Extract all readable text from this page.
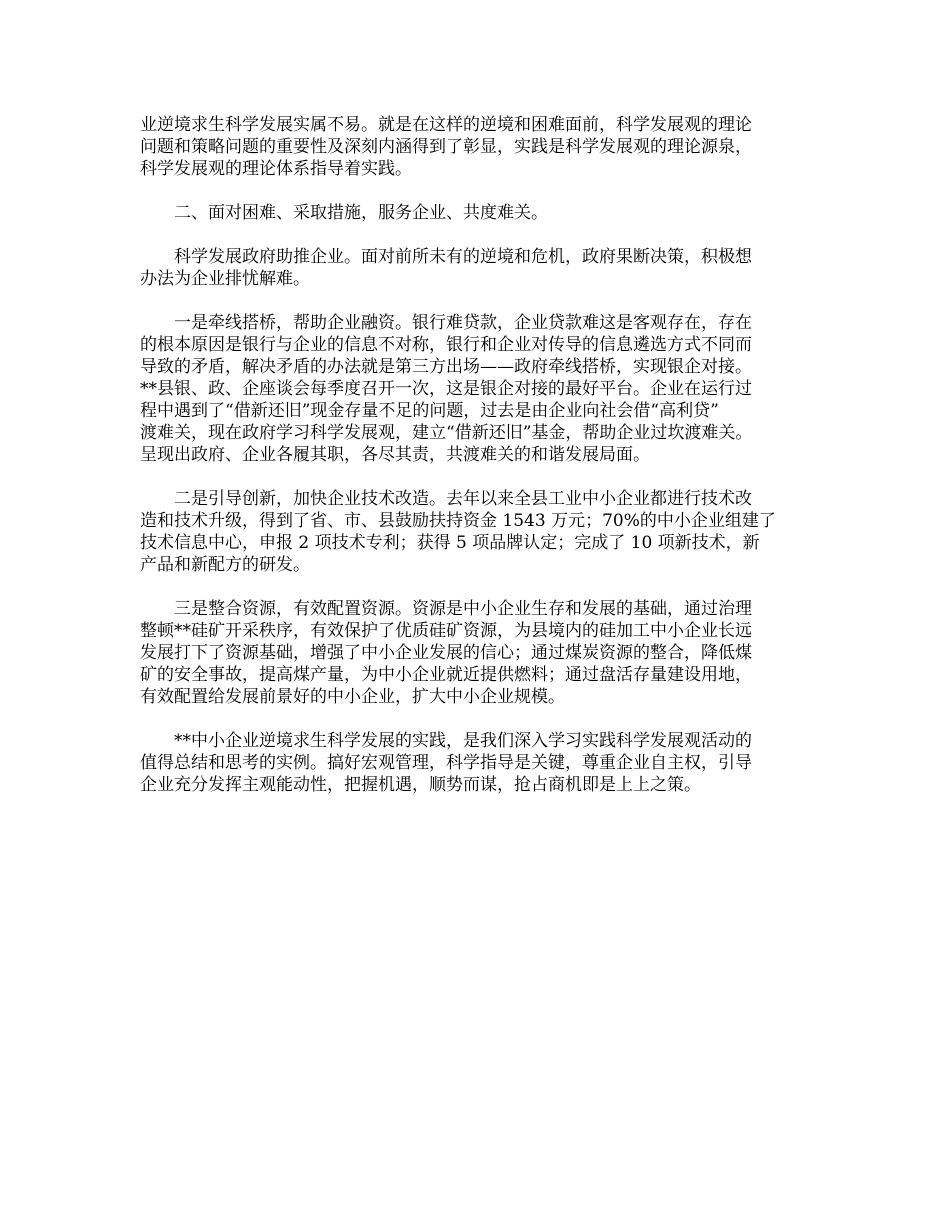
业逆境求生科学发展实属不易。就是在这样的逆境和困难面前，科学发展观的理论
问题和策略问题的重要性及深刻内涵得到了彰显，实践是科学发展观的理论源泉，
科学发展观的理论体系指导着实践。
　　二、面对困难、采取措施，服务企业、共度难关。
　　科学发展政府助推企业。面对前所未有的逆境和危机，政府果断决策，积极想
办法为企业排忧解难。
　　一是牵线搭桥，帮助企业融资。银行难贷款，企业贷款难这是客观存在，存在
的根本原因是银行与企业的信息不对称，银行和企业对传导的信息遴选方式不同而
导致的矛盾，解决矛盾的办法就是第三方出场——政府牵线搭桥，实现银企对接。
**县银、政、企座谈会每季度召开一次，这是银企对接的最好平台。企业在运行过
程中遇到了“借新还旧”现金存量不足的问题，过去是由企业向社会借“高利贷”
渡难关，现在政府学习科学发展观，建立“借新还旧”基金，帮助企业过坎渡难关。
呈现出政府、企业各履其职，各尽其责，共渡难关的和谐发展局面。
　　二是引导创新，加快企业技术改造。去年以来全县工业中小企业都进行技术改
造和技术升级，得到了省、市、县鼓励扶持资金 1543 万元；70%的中小企业组建了
技术信息中心，申报 2 项技术专利；获得 5 项品牌认定；完成了 10 项新技术，新
产品和新配方的研发。
　　三是整合资源，有效配置资源。资源是中小企业生存和发展的基础，通过治理
整顿**硅矿开采秩序，有效保护了优质硅矿资源，为县境内的硅加工中小企业长远
发展打下了资源基础，增强了中小企业发展的信心；通过煤炭资源的整合，降低煤
矿的安全事故，提高煤产量，为中小企业就近提供燃料；通过盘活存量建设用地，
有效配置给发展前景好的中小企业，扩大中小企业规模。
　　**中小企业逆境求生科学发展的实践，是我们深入学习实践科学发展观活动的
值得总结和思考的实例。搞好宏观管理，科学指导是关键，尊重企业自主权，引导
企业充分发挥主观能动性，把握机遇，顺势而谋，抢占商机即是上上之策。
